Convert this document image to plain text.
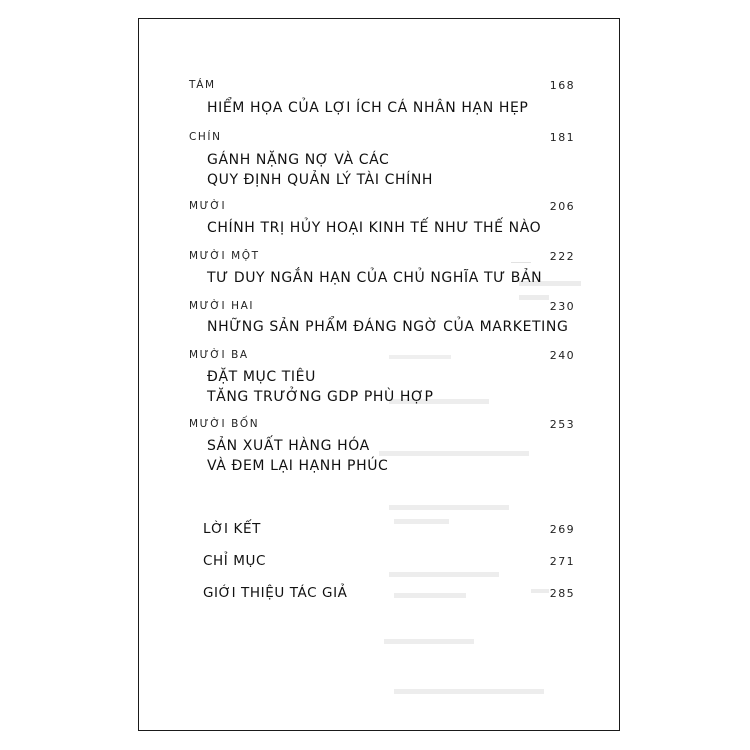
TÁM	168
HIỂM HỌA CỦA LỢI ÍCH CÁ NHÂN HẠN HẸP
CHÍN	181
GÁNH NẶNG NỢ VÀ CÁC
QUY ĐỊNH QUẢN LÝ TÀI CHÍNH
MƯỜI	206
CHÍNH TRỊ HỦY HOẠI KINH TẾ NHƯ THẾ NÀO
MƯỜI MỘT	222
TƯ DUY NGẮN HẠN CỦA CHỦ NGHĨA TƯ BẢN
MƯỜI HAI	230
NHỮNG SẢN PHẨM ĐÁNG NGỜ CỦA MARKETING
MƯỜI BA	240
ĐẶT MỤC TIÊU
TĂNG TRƯỞNG GDP PHÙ HỢP
MƯỜI BỐN	253
SẢN XUẤT HÀNG HÓA
VÀ ĐEM LẠI HẠNH PHÚC
LỜI KẾT	269
CHỈ MỤC	271
GIỚI THIỆU TÁC GIẢ	285
